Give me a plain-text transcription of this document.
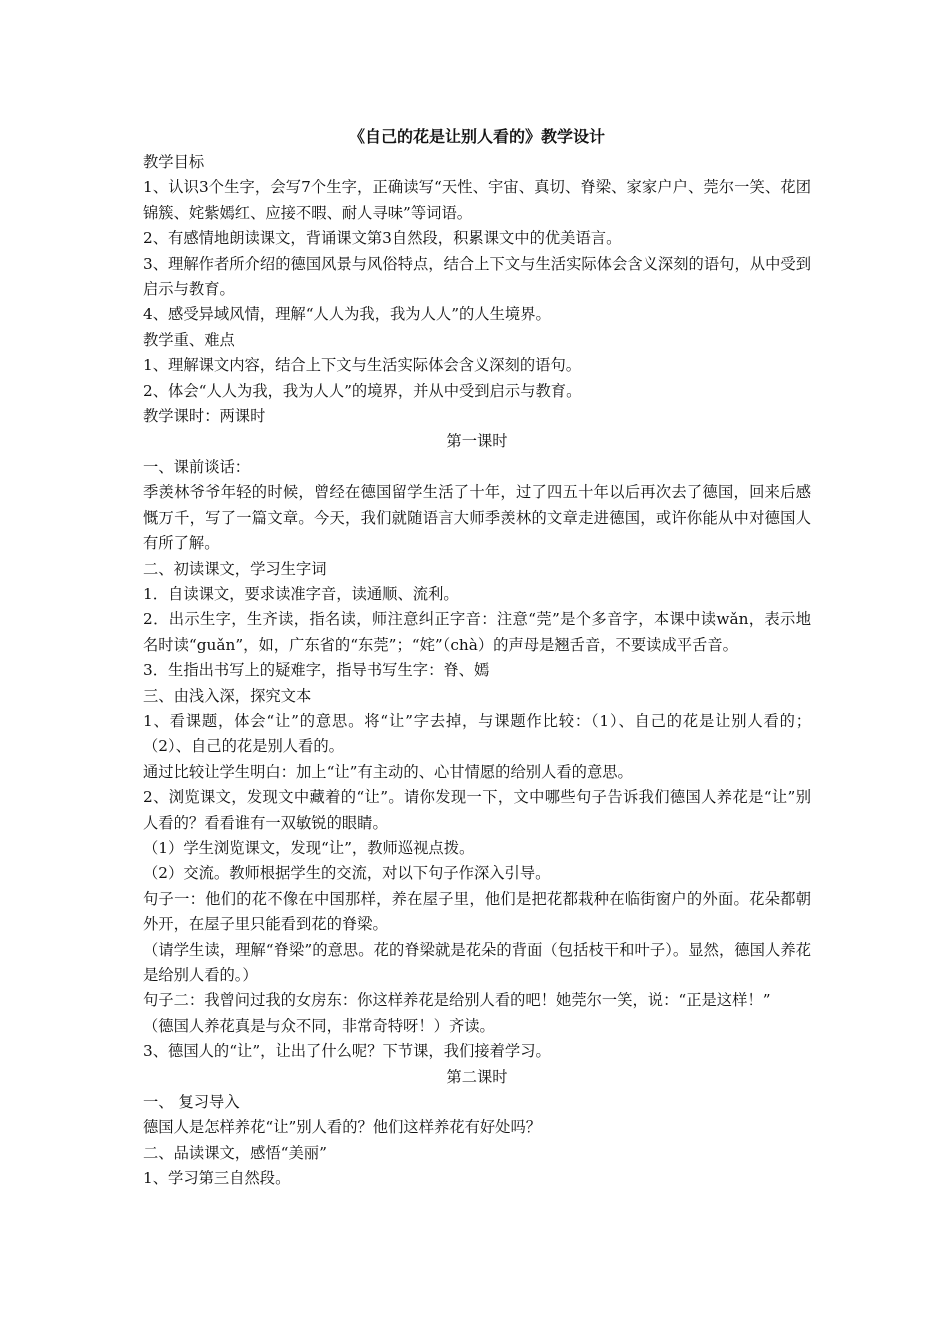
《自己的花是让别人看的》教学设计

教学目标

1、认识3个生字，会写7个生字，正确读写“天性、宇宙、真切、脊梁、家家户户、莞尔一笑、花团锦簇、姹紫嫣红、应接不暇、耐人寻味”等词语。

2、有感情地朗读课文，背诵课文第3自然段，积累课文中的优美语言。

3、理解作者所介绍的德国风景与风俗特点，结合上下文与生活实际体会含义深刻的语句，从中受到启示与教育。

4、感受异域风情，理解“人人为我，我为人人”的人生境界。

教学重、难点

1、理解课文内容，结合上下文与生活实际体会含义深刻的语句。

2、体会“人人为我，我为人人”的境界，并从中受到启示与教育。

教学课时：两课时

第一课时

一、课前谈话：

季羡林爷爷年轻的时候，曾经在德国留学生活了十年，过了四五十年以后再次去了德国，回来后感慨万千，写了一篇文章。今天，我们就随语言大师季羡林的文章走进德国，或许你能从中对德国人有所了解。

二、初读课文，学习生字词

1．自读课文，要求读准字音，读通顺、流利。

2．出示生字，生齐读，指名读，师注意纠正字音：注意“莞”是个多音字，本课中读wǎn，表示地名时读“guǎn”，如，广东省的“东莞”；“姹”（chà）的声母是翘舌音，不要读成平舌音。

3．生指出书写上的疑难字，指导书写生字：脊、嫣

三、由浅入深，探究文本

1、看课题，体会“让”的意思。将“让”字去掉，与课题作比较：（1）、自己的花是让别人看的；（2）、自己的花是别人看的。

通过比较让学生明白：加上“让”有主动的、心甘情愿的给别人看的意思。

2、浏览课文，发现文中藏着的“让”。请你发现一下，文中哪些句子告诉我们德国人养花是“让”别人看的？看看谁有一双敏锐的眼睛。

（1）学生浏览课文，发现“让”，教师巡视点拨。

（2）交流。教师根据学生的交流，对以下句子作深入引导。

句子一：他们的花不像在中国那样，养在屋子里，他们是把花都栽种在临街窗户的外面。花朵都朝外开，在屋子里只能看到花的脊梁。

（请学生读，理解“脊梁”的意思。花的脊梁就是花朵的背面（包括枝干和叶子）。显然，德国人养花是给别人看的。）

句子二：我曾问过我的女房东：你这样养花是给别人看的吧！她莞尔一笑，说：“正是这样！”

（德国人养花真是与众不同，非常奇特呀！）齐读。

3、德国人的“让”，让出了什么呢？下节课，我们接着学习。

第二课时

一、 复习导入

德国人是怎样养花“让”别人看的？他们这样养花有好处吗？

二、品读课文，感悟“美丽”

1、学习第三自然段。
